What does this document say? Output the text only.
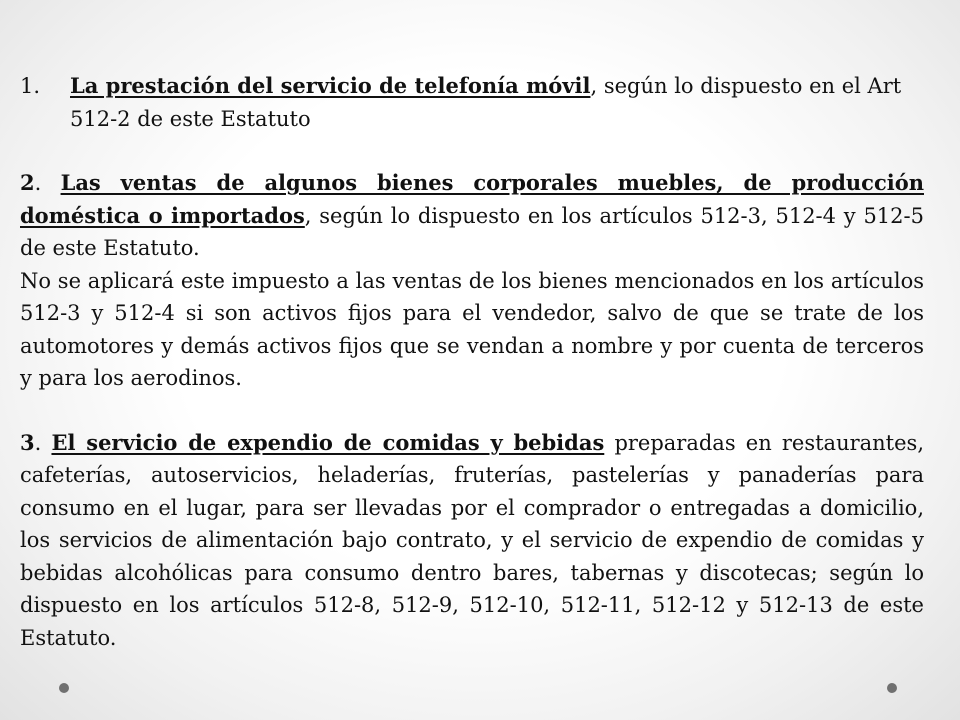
1.	La prestación del servicio de telefonía móvil, según lo dispuesto en el Art 512-2 de este Estatuto

2. Las ventas de algunos bienes corporales muebles, de producción doméstica o importados, según lo dispuesto en los artículos 512-3, 512-4 y 512-5 de este Estatuto.

No se aplicará este impuesto a las ventas de los bienes mencionados en los artículos 512-3 y 512-4 si son activos fijos para el vendedor, salvo de que se trate de los automotores y demás activos fijos que se vendan a nombre y por cuenta de terceros y para los aerodinos.

3. El servicio de expendio de comidas y bebidas preparadas en restaurantes, cafeterías, autoservicios, heladerías, fruterías, pastelerías y panaderías para consumo en el lugar, para ser llevadas por el comprador o entregadas a domicilio, los servicios de alimentación bajo contrato, y el servicio de expendio de comidas y bebidas alcohólicas para consumo dentro bares, tabernas y discotecas; según lo dispuesto en los artículos 512-8, 512-9, 512-10, 512-11, 512-12 y 512-13 de este Estatuto.
